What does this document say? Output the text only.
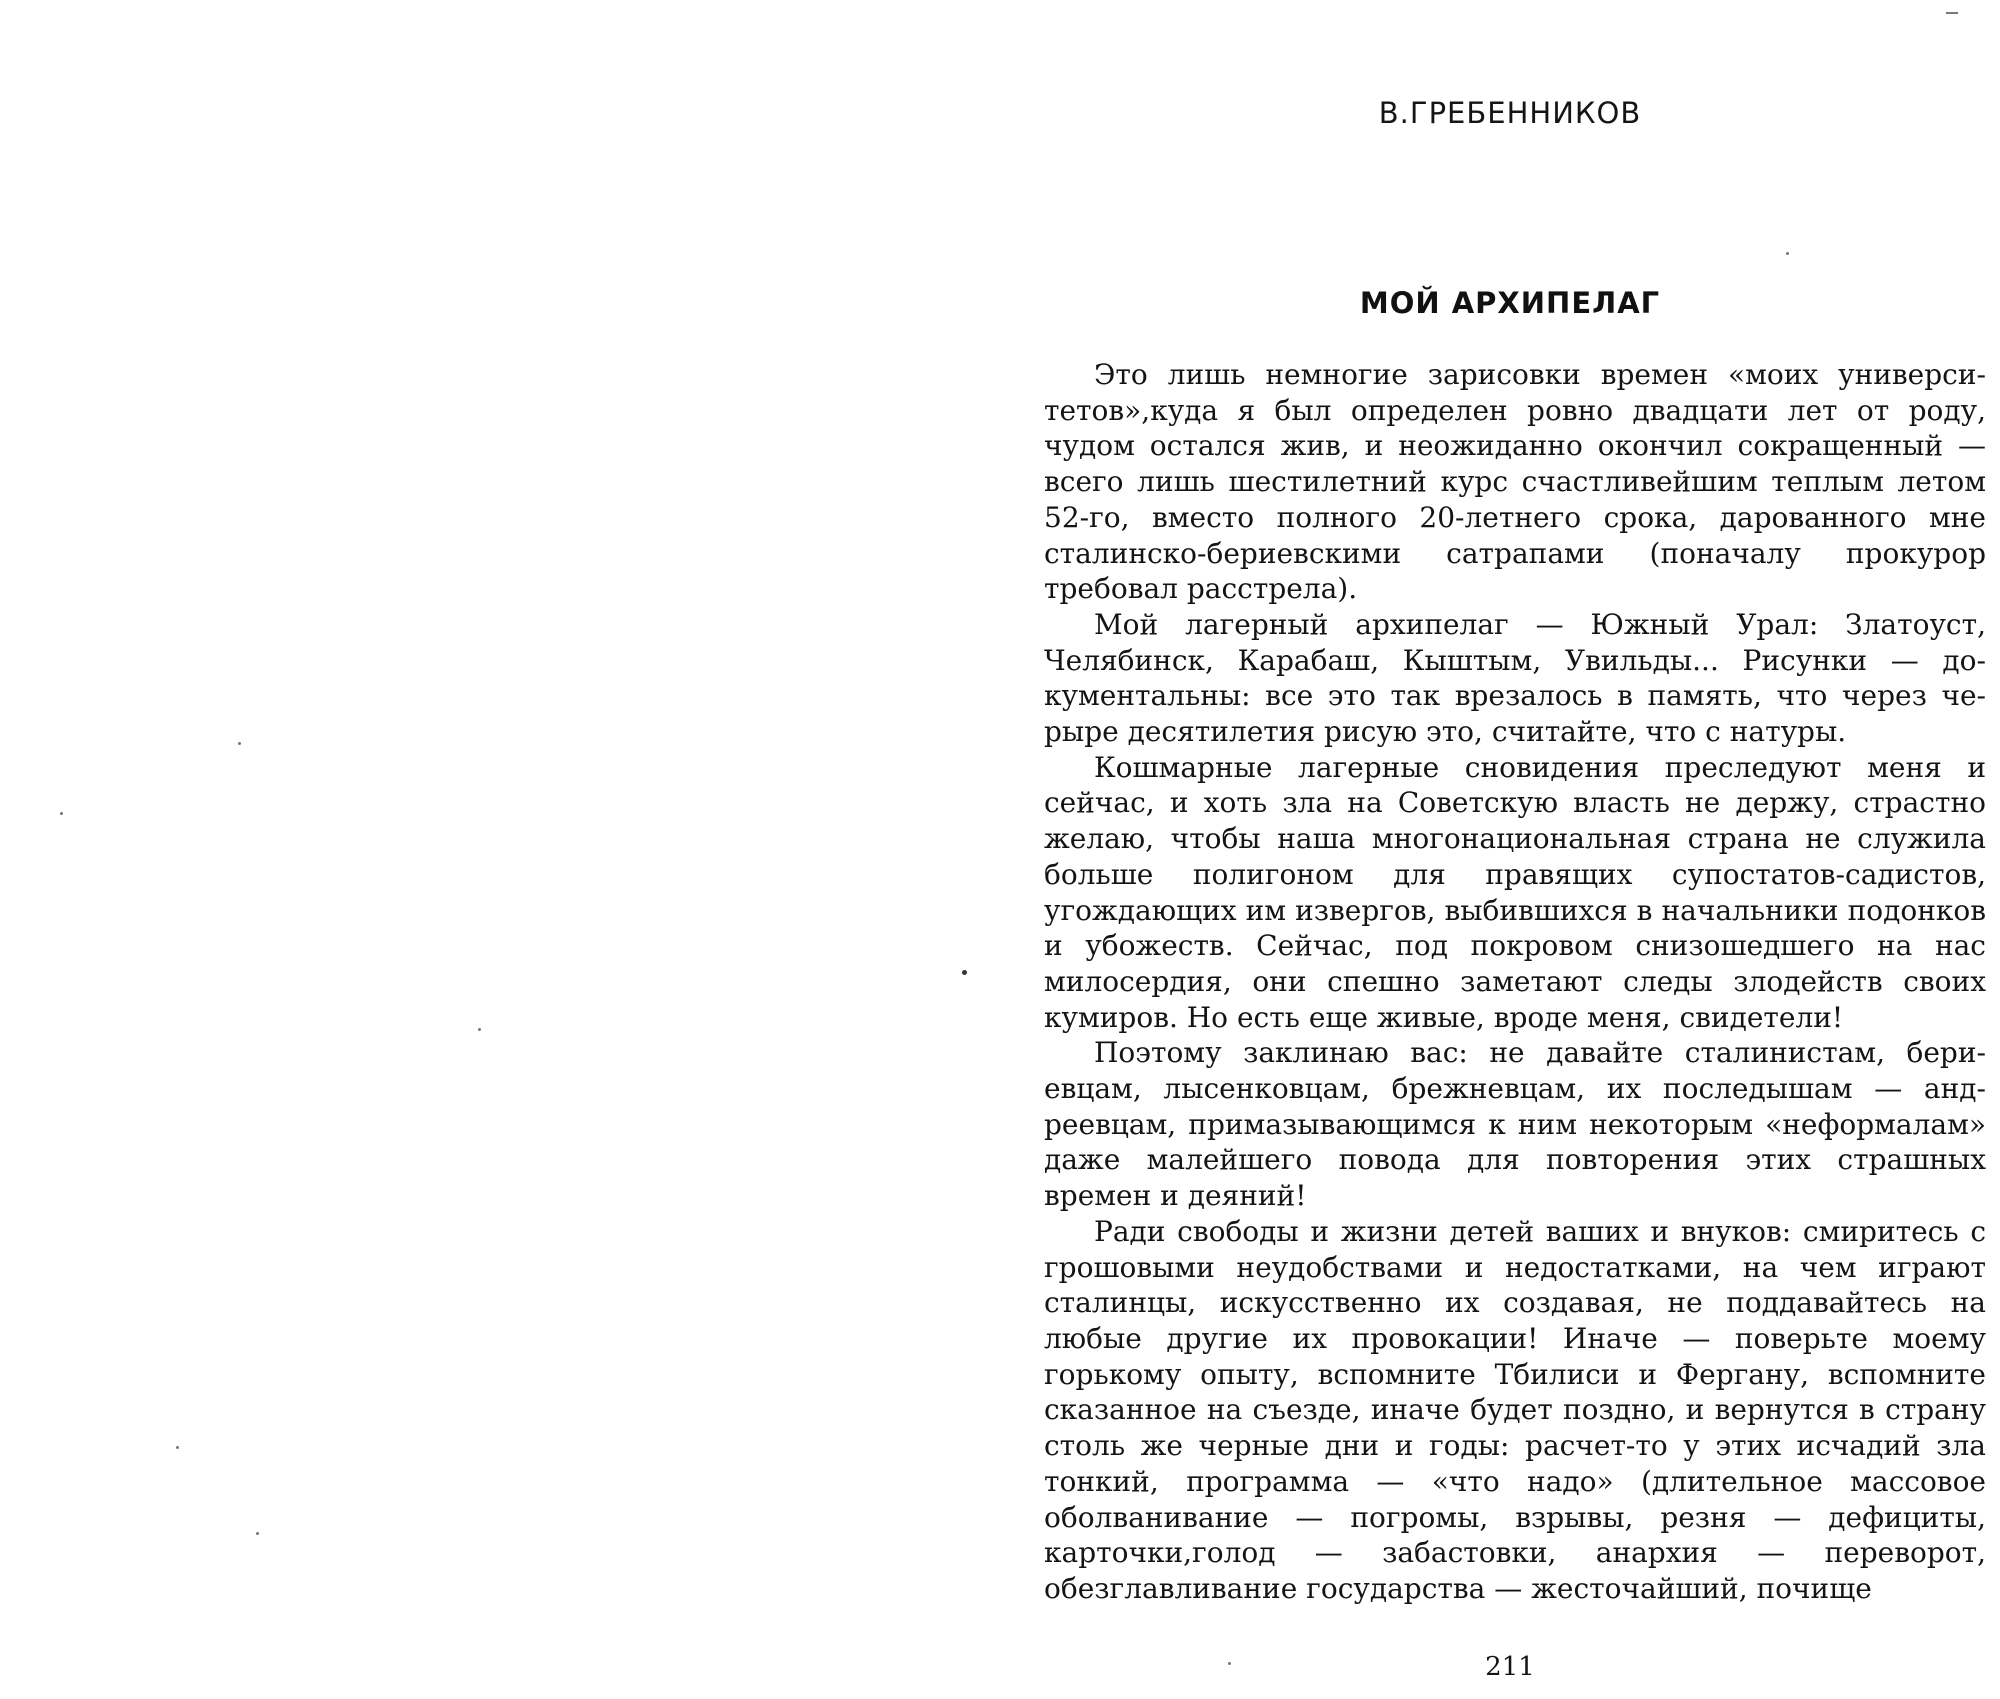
В.ГРЕБЕННИКОВ
МОЙ АРХИПЕЛАГ

Это лишь немногие зарисовки времен «моих университетов»,куда я был определен ровно двадцати лет от роду, чудом остался жив, и неожиданно окончил сокращенный — всего лишь шестилетний курс счастливейшим теплым летом 52-го, вместо полного 20-летнего срока, дарованного мне сталинско-бериевскими сатрапами (поначалу прокурор требовал расстрела).

Мой лагерный архипелаг — Южный Урал: Златоуст, Челябинск, Карабаш, Кыштым, Увильды... Рисунки — документальны: все это так врезалось в память, что через черыре десятилетия рисую это, считайте, что с натуры.

Кошмарные лагерные сновидения преследуют меня и сейчас, и хоть зла на Советскую власть не держу, страстно желаю, чтобы наша многонациональная страна не служила больше полигоном для правящих супостатов-садистов, угождающих им извергов, выбившихся в начальники подонков и убожеств. Сейчас, под покровом снизошедшего на нас милосердия, они спешно заметают следы злодейств своих кумиров. Но есть еще живые, вроде меня, свидетели!

Поэтому заклинаю вас: не давайте сталинистам, бериевцам, лысенковцам, брежневцам, их последышам — андреевцам, примазывающимся к ним некоторым «неформалам» даже малейшего повода для повторения этих страшных времен и деяний!

Ради свободы и жизни детей ваших и внуков: смиритесь с грошовыми неудобствами и недостатками, на чем играют сталинцы, искусственно их создавая, не поддавайтесь на любые другие их провокации! Иначе — поверьте моему горькому опыту, вспомните Тбилиси и Фергану, вспомните сказанное на съезде, иначе будет поздно, и вернутся в страну столь же черные дни и годы: расчет-то у этих исчадий зла тонкий, программа — «что надо» (длительное массовое оболванивание — погромы, взрывы, резня — дефициты, карточки,голод — забастовки, анархия — переворот, обезглавливание государства — жесточайший, почище

211
